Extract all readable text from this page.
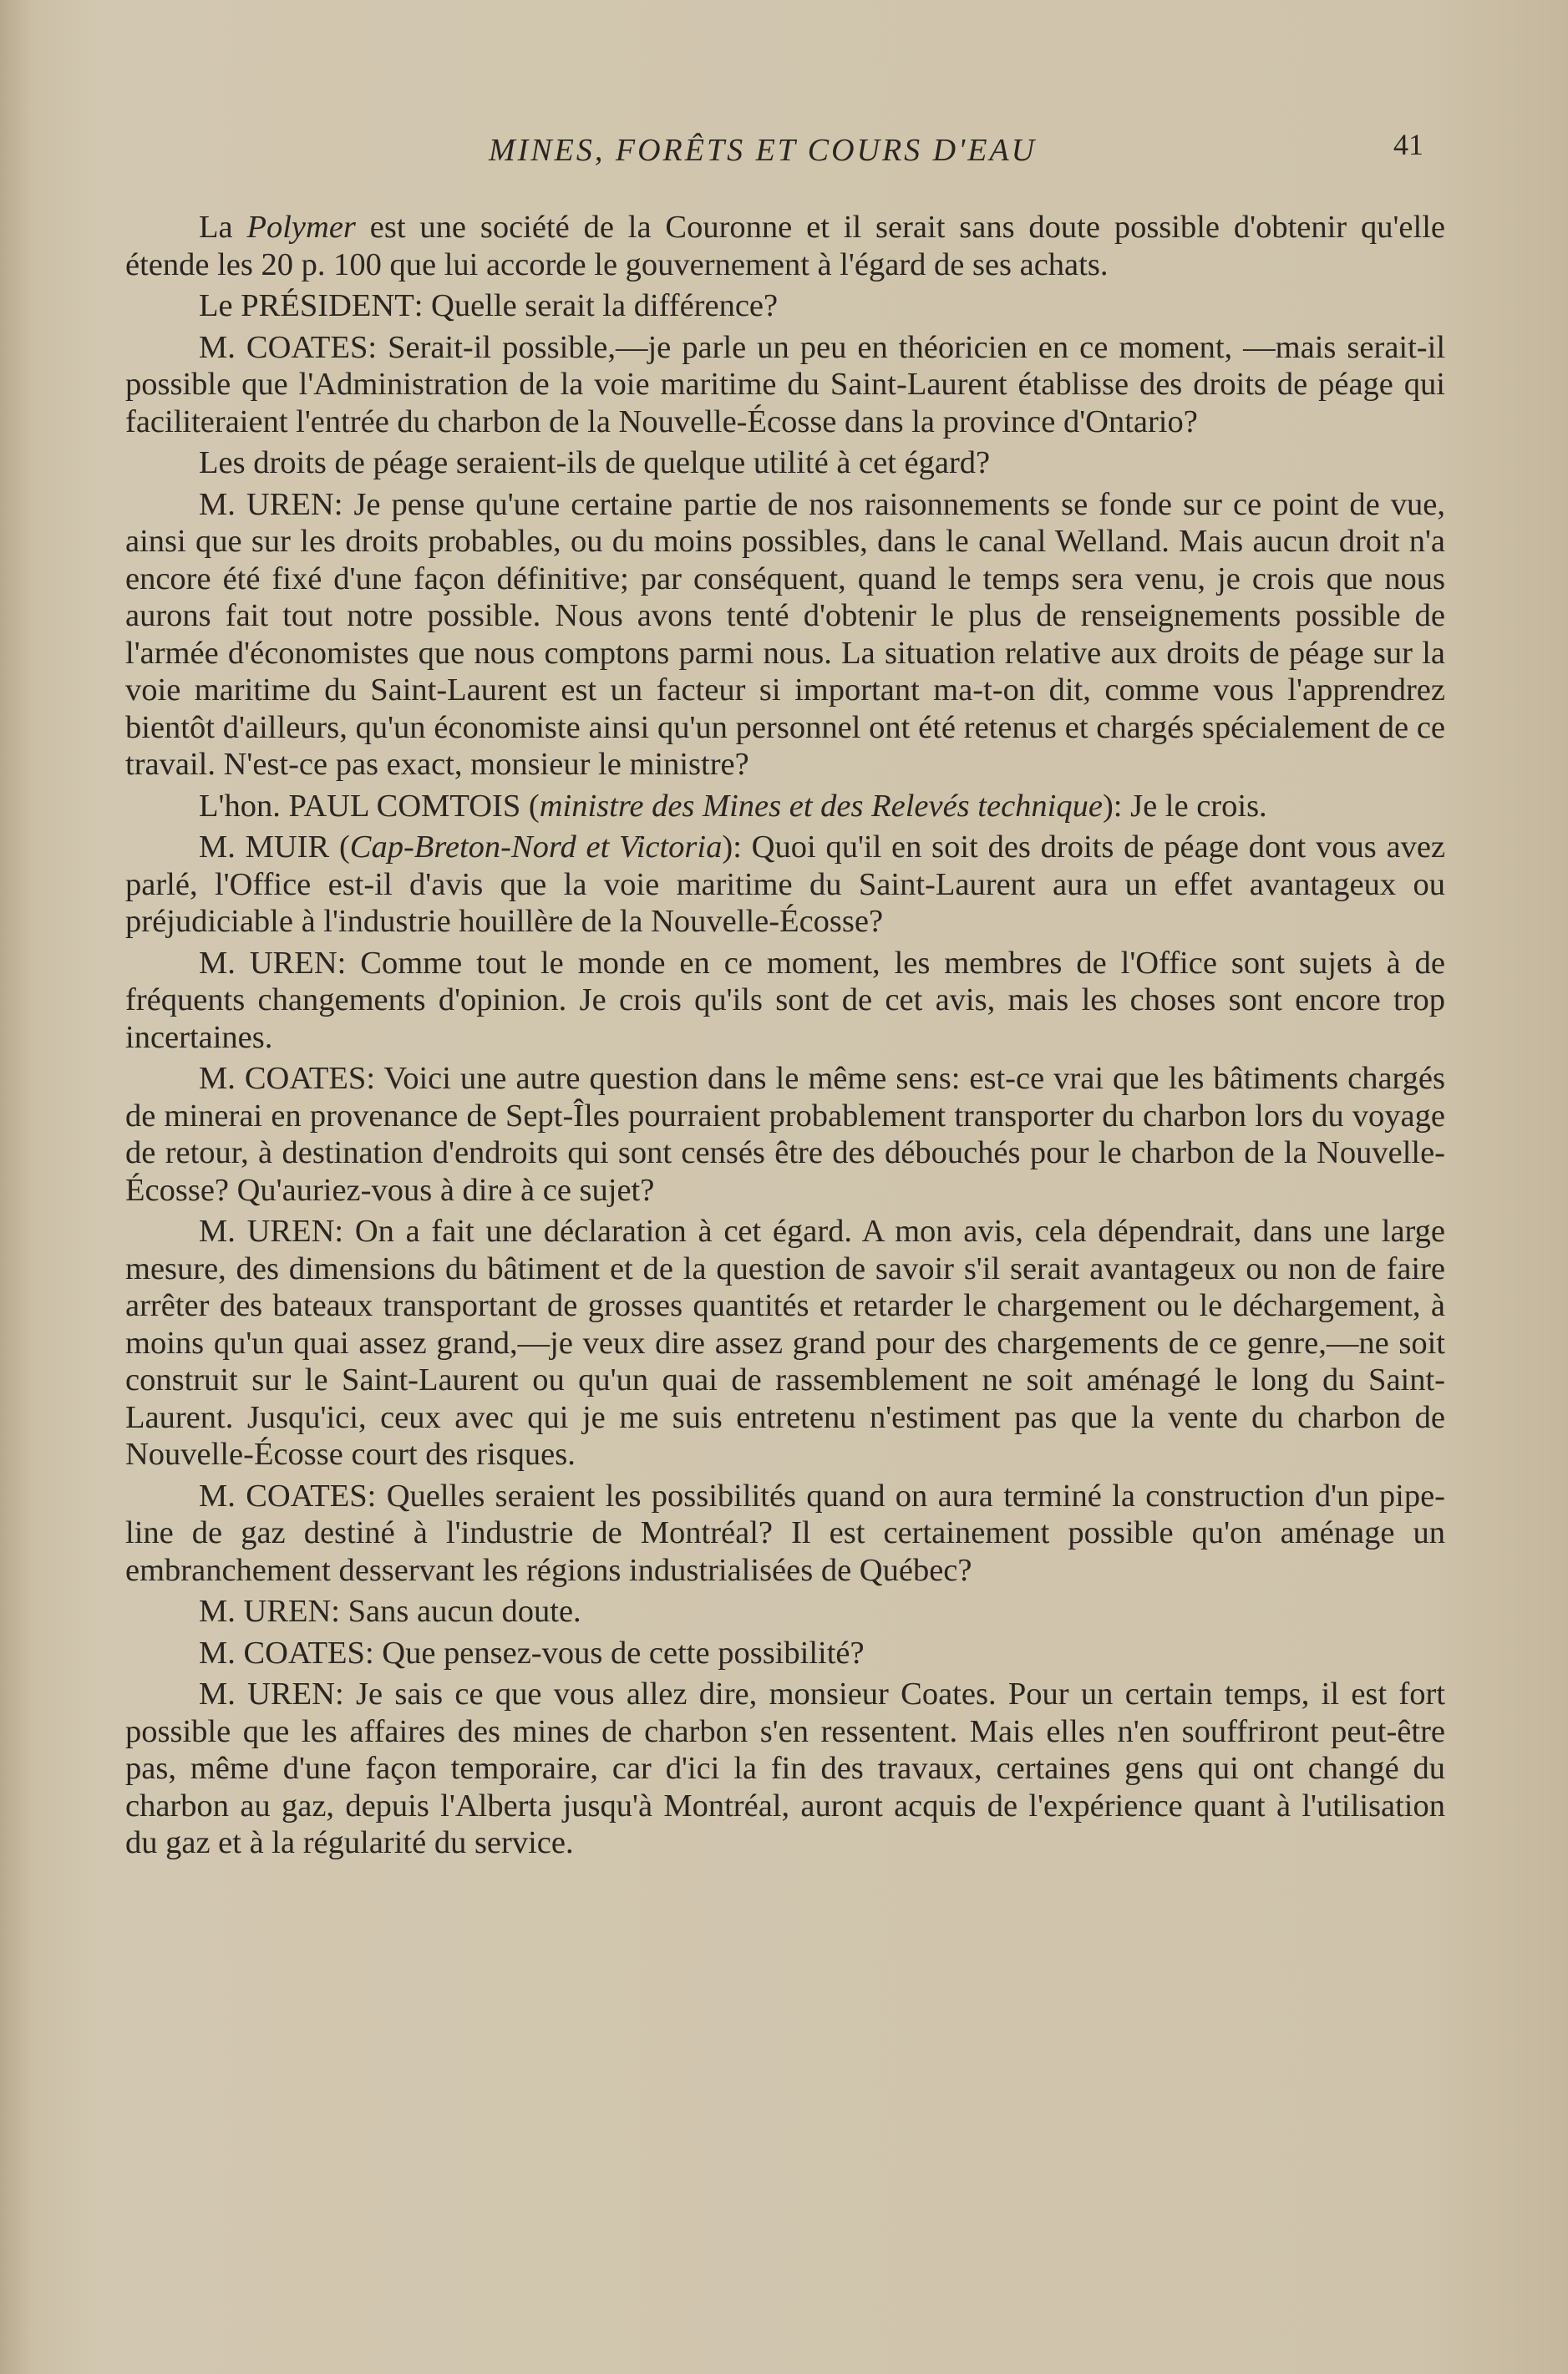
MINES, FORÊTS ET COURS D'EAU	41

La Polymer est une société de la Couronne et il serait sans doute possible d'obtenir qu'elle étende les 20 p. 100 que lui accorde le gouvernement à l'égard de ses achats.

Le PRÉSIDENT: Quelle serait la différence?

M. COATES: Serait-il possible,—je parle un peu en théoricien en ce moment, —mais serait-il possible que l'Administration de la voie maritime du Saint-Laurent établisse des droits de péage qui faciliteraient l'entrée du charbon de la Nouvelle-Écosse dans la province d'Ontario?

Les droits de péage seraient-ils de quelque utilité à cet égard?

M. UREN: Je pense qu'une certaine partie de nos raisonnements se fonde sur ce point de vue, ainsi que sur les droits probables, ou du moins possibles, dans le canal Welland. Mais aucun droit n'a encore été fixé d'une façon définitive; par conséquent, quand le temps sera venu, je crois que nous aurons fait tout notre possible. Nous avons tenté d'obtenir le plus de renseignements possible de l'armée d'économistes que nous comptons parmi nous. La situation relative aux droits de péage sur la voie maritime du Saint-Laurent est un facteur si important ma-t-on dit, comme vous l'apprendrez bientôt d'ailleurs, qu'un économiste ainsi qu'un personnel ont été retenus et chargés spécialement de ce travail. N'est-ce pas exact, monsieur le ministre?

L'hon. PAUL COMTOIS (ministre des Mines et des Relevés technique): Je le crois.

M. MUIR (Cap-Breton-Nord et Victoria): Quoi qu'il en soit des droits de péage dont vous avez parlé, l'Office est-il d'avis que la voie maritime du Saint-Laurent aura un effet avantageux ou préjudiciable à l'industrie houillère de la Nouvelle-Écosse?

M. UREN: Comme tout le monde en ce moment, les membres de l'Office sont sujets à de fréquents changements d'opinion. Je crois qu'ils sont de cet avis, mais les choses sont encore trop incertaines.

M. COATES: Voici une autre question dans le même sens: est-ce vrai que les bâtiments chargés de minerai en provenance de Sept-Îles pourraient probablement transporter du charbon lors du voyage de retour, à destination d'endroits qui sont censés être des débouchés pour le charbon de la Nouvelle-Écosse? Qu'auriez-vous à dire à ce sujet?

M. UREN: On a fait une déclaration à cet égard. A mon avis, cela dépendrait, dans une large mesure, des dimensions du bâtiment et de la question de savoir s'il serait avantageux ou non de faire arrêter des bateaux transportant de grosses quantités et retarder le chargement ou le déchargement, à moins qu'un quai assez grand,—je veux dire assez grand pour des chargements de ce genre,—ne soit construit sur le Saint-Laurent ou qu'un quai de rassemblement ne soit aménagé le long du Saint-Laurent. Jusqu'ici, ceux avec qui je me suis entretenu n'estiment pas que la vente du charbon de Nouvelle-Écosse court des risques.

M. COATES: Quelles seraient les possibilités quand on aura terminé la construction d'un pipe-line de gaz destiné à l'industrie de Montréal? Il est certainement possible qu'on aménage un embranchement desservant les régions industrialisées de Québec?

M. UREN: Sans aucun doute.

M. COATES: Que pensez-vous de cette possibilité?

M. UREN: Je sais ce que vous allez dire, monsieur Coates. Pour un certain temps, il est fort possible que les affaires des mines de charbon s'en ressentent. Mais elles n'en souffriront peut-être pas, même d'une façon temporaire, car d'ici la fin des travaux, certaines gens qui ont changé du charbon au gaz, depuis l'Alberta jusqu'à Montréal, auront acquis de l'expérience quant à l'utilisation du gaz et à la régularité du service.
